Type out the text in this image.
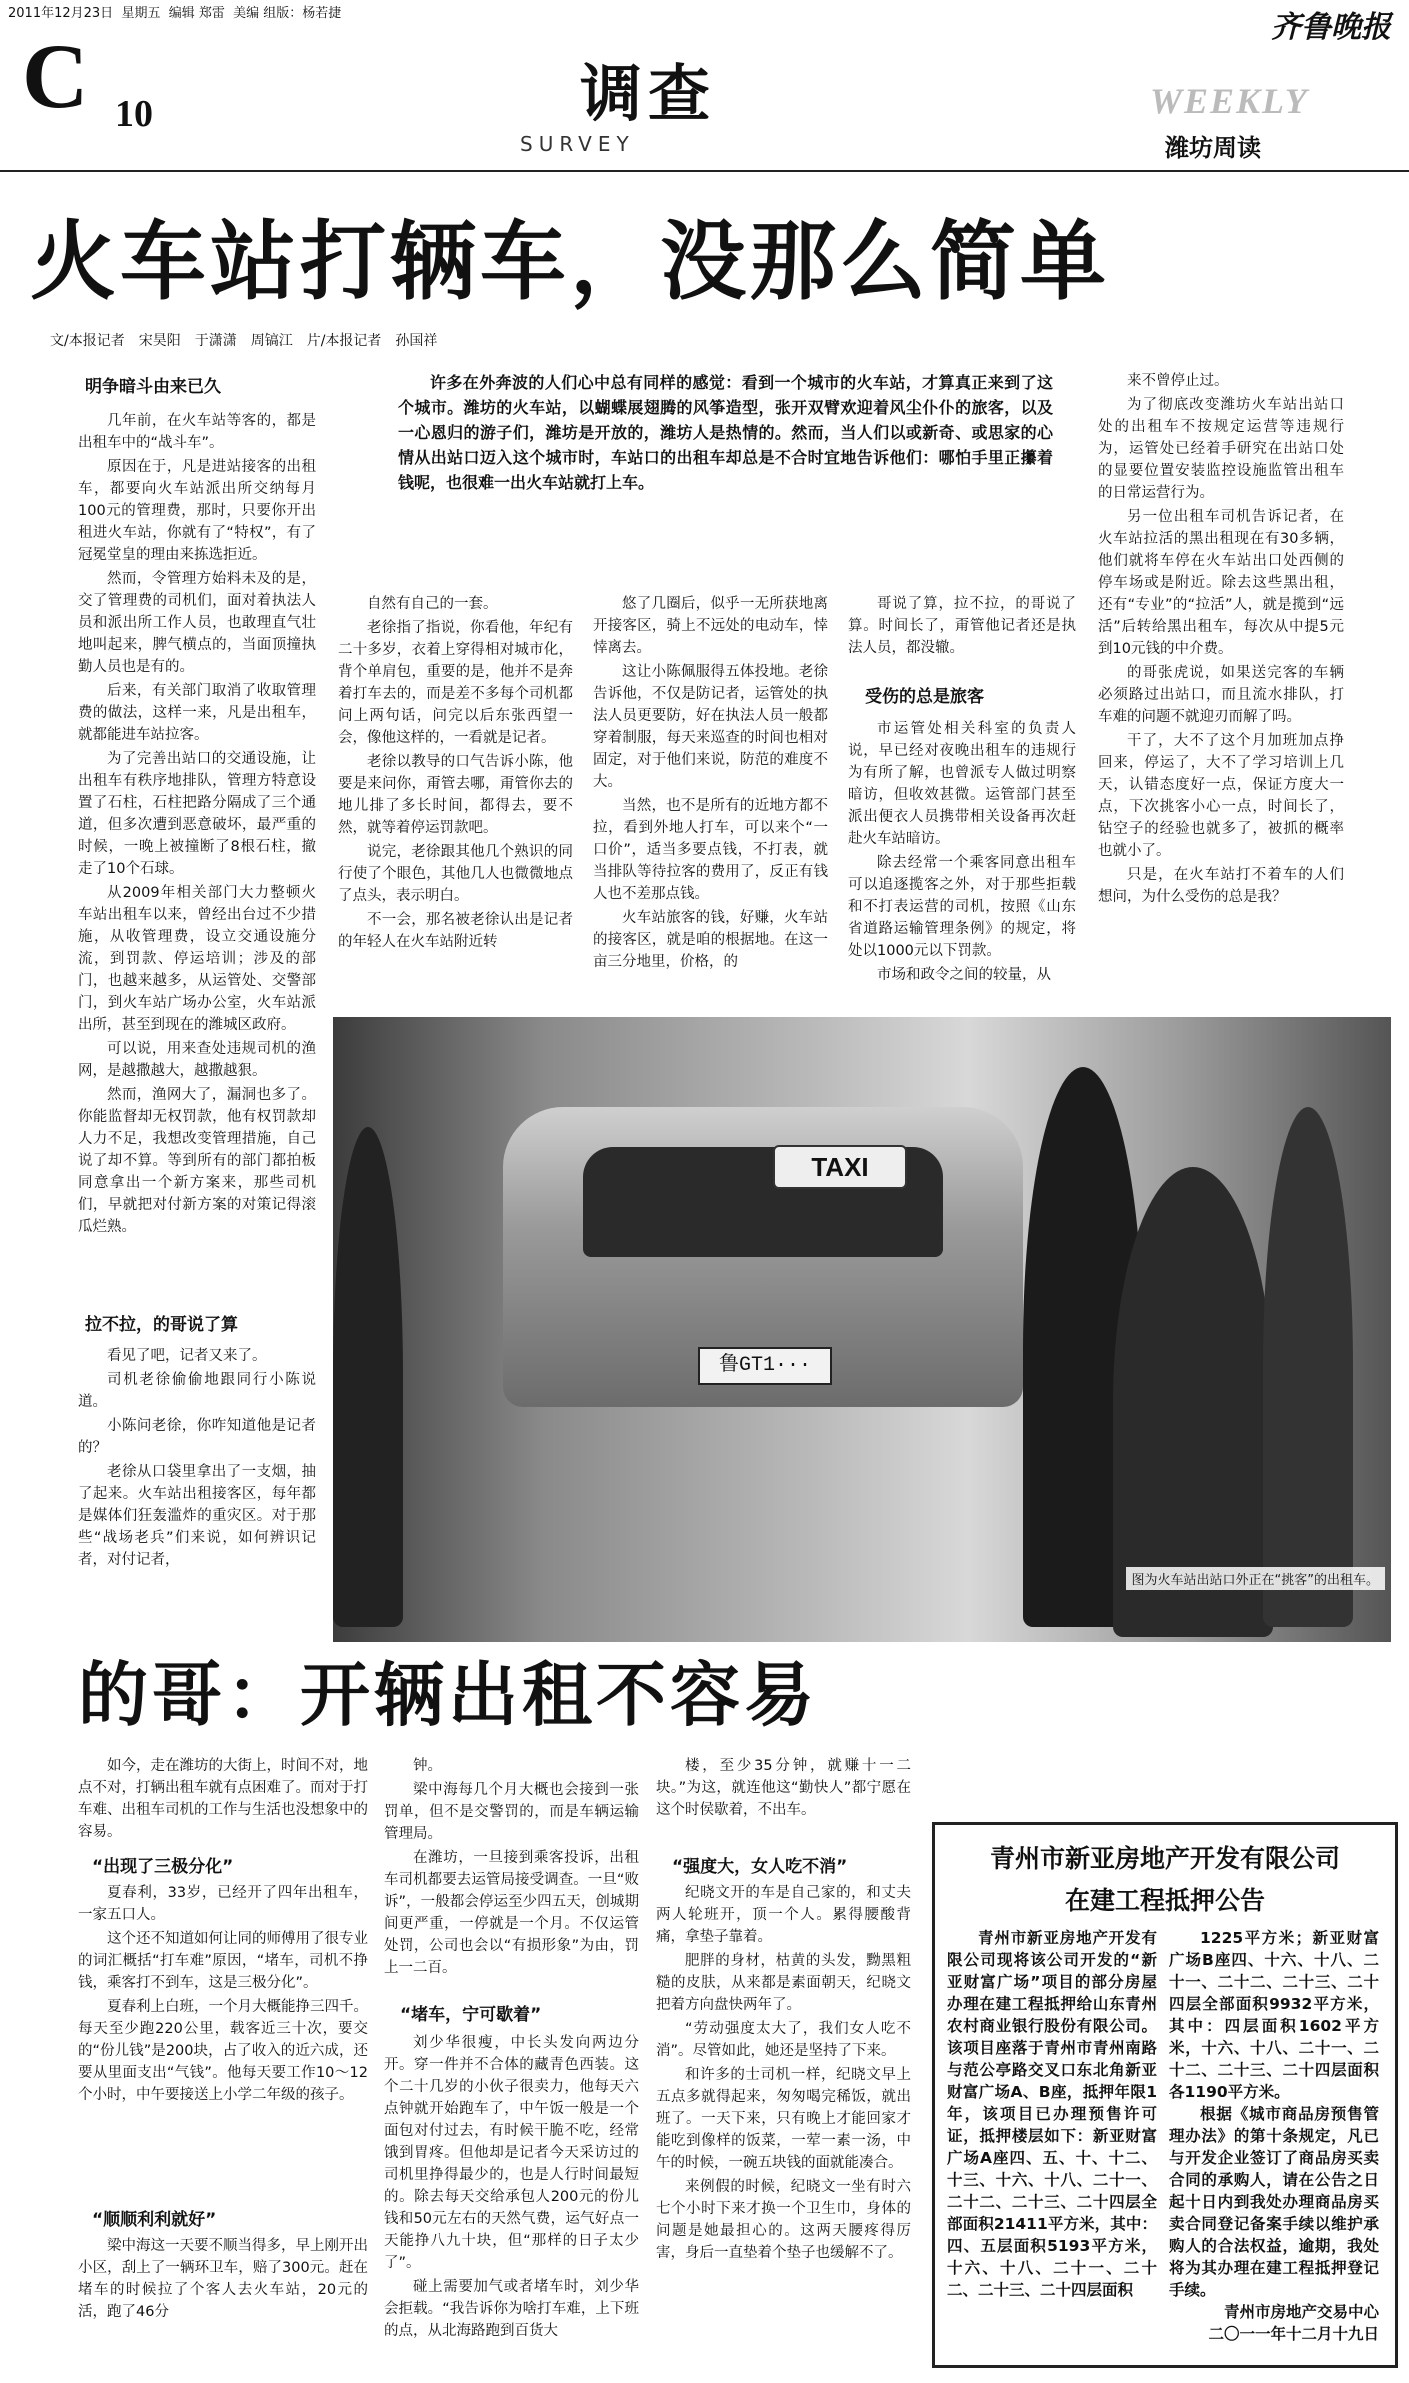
2011年12月23日 星期五 编辑 郑雷 美编 组版：杨若捷	齐鲁晚报
C 10	调查
SURVEY
WEEKLY
潍坊周读
火车站打辆车，没那么简单
文/本报记者　宋昊阳　于潇潇　周镐江　片/本报记者　孙国祥
明争暗斗由来已久

几年前，在火车站等客的，都是出租车中的“战斗车”。

原因在于，凡是进站接客的出租车，都要向火车站派出所交纳每月100元的管理费，那时，只要你开出租进火车站，你就有了“特权”，有了冠冕堂皇的理由来拣选拒近。

然而，令管理方始料未及的是，交了管理费的司机们，面对着执法人员和派出所工作人员，也敢理直气壮地叫起来，脾气横点的，当面顶撞执勤人员也是有的。

后来，有关部门取消了收取管理费的做法，这样一来，凡是出租车，就都能进车站拉客。

为了完善出站口的交通设施，让出租车有秩序地排队，管理方特意设置了石柱，石柱把路分隔成了三个通道，但多次遭到恶意破坏，最严重的时候，一晚上被撞断了8根石柱，撤走了10个石球。

从2009年相关部门大力整顿火车站出租车以来，曾经出台过不少措施，从收管理费，设立交通设施分流，到罚款、停运培训；涉及的部门，也越来越多，从运管处、交警部门，到火车站广场办公室，火车站派出所，甚至到现在的潍城区政府。

可以说，用来查处违规司机的渔网，是越撒越大，越撒越狠。

然而，渔网大了，漏洞也多了。你能监督却无权罚款，他有权罚款却人力不足，我想改变管理措施，自己说了却不算。等到所有的部门都拍板同意拿出一个新方案来，那些司机们，早就把对付新方案的对策记得滚瓜烂熟。

拉不拉，的哥说了算

看见了吧，记者又来了。

司机老徐偷偷地跟同行小陈说道。

小陈问老徐，你咋知道他是记者的？

老徐从口袋里拿出了一支烟，抽了起来。火车站出租接客区，每年都是媒体们狂轰滥炸的重灾区。对于那些“战场老兵”们来说，如何辨识记者，对付记者，

许多在外奔波的人们心中总有同样的感觉：看到一个城市的火车站，才算真正来到了这个城市。潍坊的火车站，以蝴蝶展翅腾的风筝造型，张开双臂欢迎着风尘仆仆的旅客，以及一心恩归的游子们，潍坊是开放的，潍坊人是热情的。然而，当人们以或新奇、或思家的心情从出站口迈入这个城市时，车站口的出租车却总是不合时宜地告诉他们：哪怕手里正攥着钱呢，也很难一出火车站就打上车。

自然有自己的一套。

老徐指了指说，你看他，年纪有二十多岁，衣着上穿得相对城市化，背个单肩包，重要的是，他并不是奔着打车去的，而是差不多每个司机都问上两句话，问完以后东张西望一会，像他这样的，一看就是记者。

老徐以教导的口气告诉小陈，他要是来问你，甭管去哪，甭管你去的地儿排了多长时间，都得去，要不然，就等着停运罚款吧。

说完，老徐跟其他几个熟识的同行使了个眼色，其他几人也微微地点了点头，表示明白。

不一会，那名被老徐认出是记者的年轻人在火车站附近转

悠了几圈后，似乎一无所获地离开接客区，骑上不远处的电动车，悻悻离去。

这让小陈佩服得五体投地。老徐告诉他，不仅是防记者，运管处的执法人员更要防，好在执法人员一般都穿着制服，每天来巡查的时间也相对固定，对于他们来说，防范的难度不大。

当然，也不是所有的近地方都不拉，看到外地人打车，可以来个“一口价”，适当多要点钱，不打表，就当排队等待拉客的费用了，反正有钱人也不差那点钱。

火车站旅客的钱，好赚，火车站的接客区，就是咱的根据地。在这一亩三分地里，价格，的

哥说了算，拉不拉，的哥说了算。时间长了，甭管他记者还是执法人员，都没辙。

受伤的总是旅客

市运管处相关科室的负责人说，早已经对夜晚出租车的违规行为有所了解，也曾派专人做过明察暗访，但收效甚微。运管部门甚至派出便衣人员携带相关设备再次赶赴火车站暗访。

除去经常一个乘客同意出租车可以追逐揽客之外，对于那些拒载和不打表运营的司机，按照《山东省道路运输管理条例》的规定，将处以1000元以下罚款。

市场和政令之间的较量，从

来不曾停止过。

为了彻底改变潍坊火车站出站口处的出租车不按规定运营等违规行为，运管处已经着手研究在出站口处的显要位置安装监控设施监管出租车的日常运营行为。

另一位出租车司机告诉记者，在火车站拉活的黑出租现在有30多辆，他们就将车停在火车站出口处西侧的停车场或是附近。除去这些黑出租，还有“专业”的“拉活”人，就是揽到“远活”后转给黑出租车，每次从中提5元到10元钱的中介费。

的哥张虎说，如果送完客的车辆必须路过出站口，而且流水排队，打车难的问题不就迎刃而解了吗。

干了，大不了这个月加班加点挣回来，停运了，大不了学习培训上几天，认错态度好一点，保证方度大一点，下次挑客小心一点，时间长了，钻空子的经验也就多了，被抓的概率也就小了。

只是，在火车站打不着车的人们想问，为什么受伤的总是我？

TAXI
鲁GT1···
图为火车站出站口外正在“挑客”的出租车。
的哥：开辆出租不容易

如今，走在潍坊的大街上，时间不对，地点不对，打辆出租车就有点困难了。而对于打车难、出租车司机的工作与生活也没想象中的容易。

“出现了三极分化”

夏春利，33岁，已经开了四年出租车，一家五口人。

这个还不知道如何让同的师傅用了很专业的词汇概括“打车难”原因，“堵车，司机不挣钱，乘客打不到车，这是三极分化”。

夏春利上白班，一个月大概能挣三四千。每天至少跑220公里，载客近三十次，要交的“份儿钱”是200块，占了收入的近六成，还要从里面支出“气钱”。他每天要工作10～12个小时，中午要接送上小学二年级的孩子。

“顺顺利利就好”

梁中海这一天要不顺当得多，早上刚开出小区，刮上了一辆环卫车，赔了300元。赶在堵车的时候拉了个客人去火车站，20元的活，跑了46分

钟。

梁中海每几个月大概也会接到一张罚单，但不是交警罚的，而是车辆运输管理局。

在潍坊，一旦接到乘客投诉，出租车司机都要去运管局接受调查。一旦“败诉”，一般都会停运至少四五天，创城期间更严重，一停就是一个月。不仅运管处罚，公司也会以“有损形象”为由，罚上一二百。

“堵车，宁可歇着”

刘少华很瘦，中长头发向两边分开。穿一件并不合体的藏青色西装。这个二十几岁的小伙子很卖力，他每天六点钟就开始跑车了，中午饭一般是一个面包对付过去，有时候干脆不吃，经常饿到胃疼。但他却是记者今天采访过的司机里挣得最少的，也是人行时间最短的。除去每天交给承包人200元的份儿钱和50元左右的天然气费，运气好点一天能挣八九十块，但“那样的日子太少了”。

碰上需要加气或者堵车时，刘少华会拒载。“我告诉你为啥打车难，上下班的点，从北海路跑到百货大

楼，至少35分钟，就赚十一二块。”为这，就连他这“勤快人”都宁愿在这个时侯歇着，不出车。

“强度大，女人吃不消”

纪晓文开的车是自己家的，和丈夫两人轮班开，顶一个人。累得腰酸背痛，拿垫子靠着。

肥胖的身材，枯黄的头发，黝黑粗糙的皮肤，从来都是素面朝天，纪晓文把着方向盘快两年了。

“劳动强度太大了，我们女人吃不消”。尽管如此，她还是坚持了下来。

和许多的士司机一样，纪晓文早上五点多就得起来，匆匆喝完稀饭，就出班了。一天下来，只有晚上才能回家才能吃到像样的饭菜，一荤一素一汤，中午的时候，一碗五块钱的面就能凑合。

来例假的时候，纪晓文一坐有时六七个小时下来才换一个卫生巾，身体的问题是她最担心的。这两天腰疼得厉害，身后一直垫着个垫子也缓解不了。

青州市新亚房地产开发有限公司
在建工程抵押公告

青州市新亚房地产开发有限公司现将该公司开发的“新亚财富广场”项目的部分房屋办理在建工程抵押给山东青州农村商业银行股份有限公司。该项目座落于青州市青州南路与范公亭路交叉口东北角新亚财富广场A、B座，抵押年限1年，该项目已办理预售许可证，抵押楼层如下：新亚财富广场A座四、五、十、十二、十三、十六、十八、二十一、二十二、二十三、二十四层全部面积21411平方米，其中：四、五层面积5193平方米，十六、十八、二十一、二十二、二十三、二十四层面积

1225平方米；新亚财富广场B座四、十六、十八、二十一、二十二、二十三、二十四层全部面积9932平方米，其中：四层面积1602平方米，十六、十八、二十一、二十二、二十三、二十四层面积各1190平方米。

根据《城市商品房预售管理办法》的第十条规定，凡已与开发企业签订了商品房买卖合同的承购人，请在公告之日起十日内到我处办理商品房买卖合同登记备案手续以维护承购人的合法权益，逾期，我处将为其办理在建工程抵押登记手续。

青州市房地产交易中心

二〇一一年十二月十九日
